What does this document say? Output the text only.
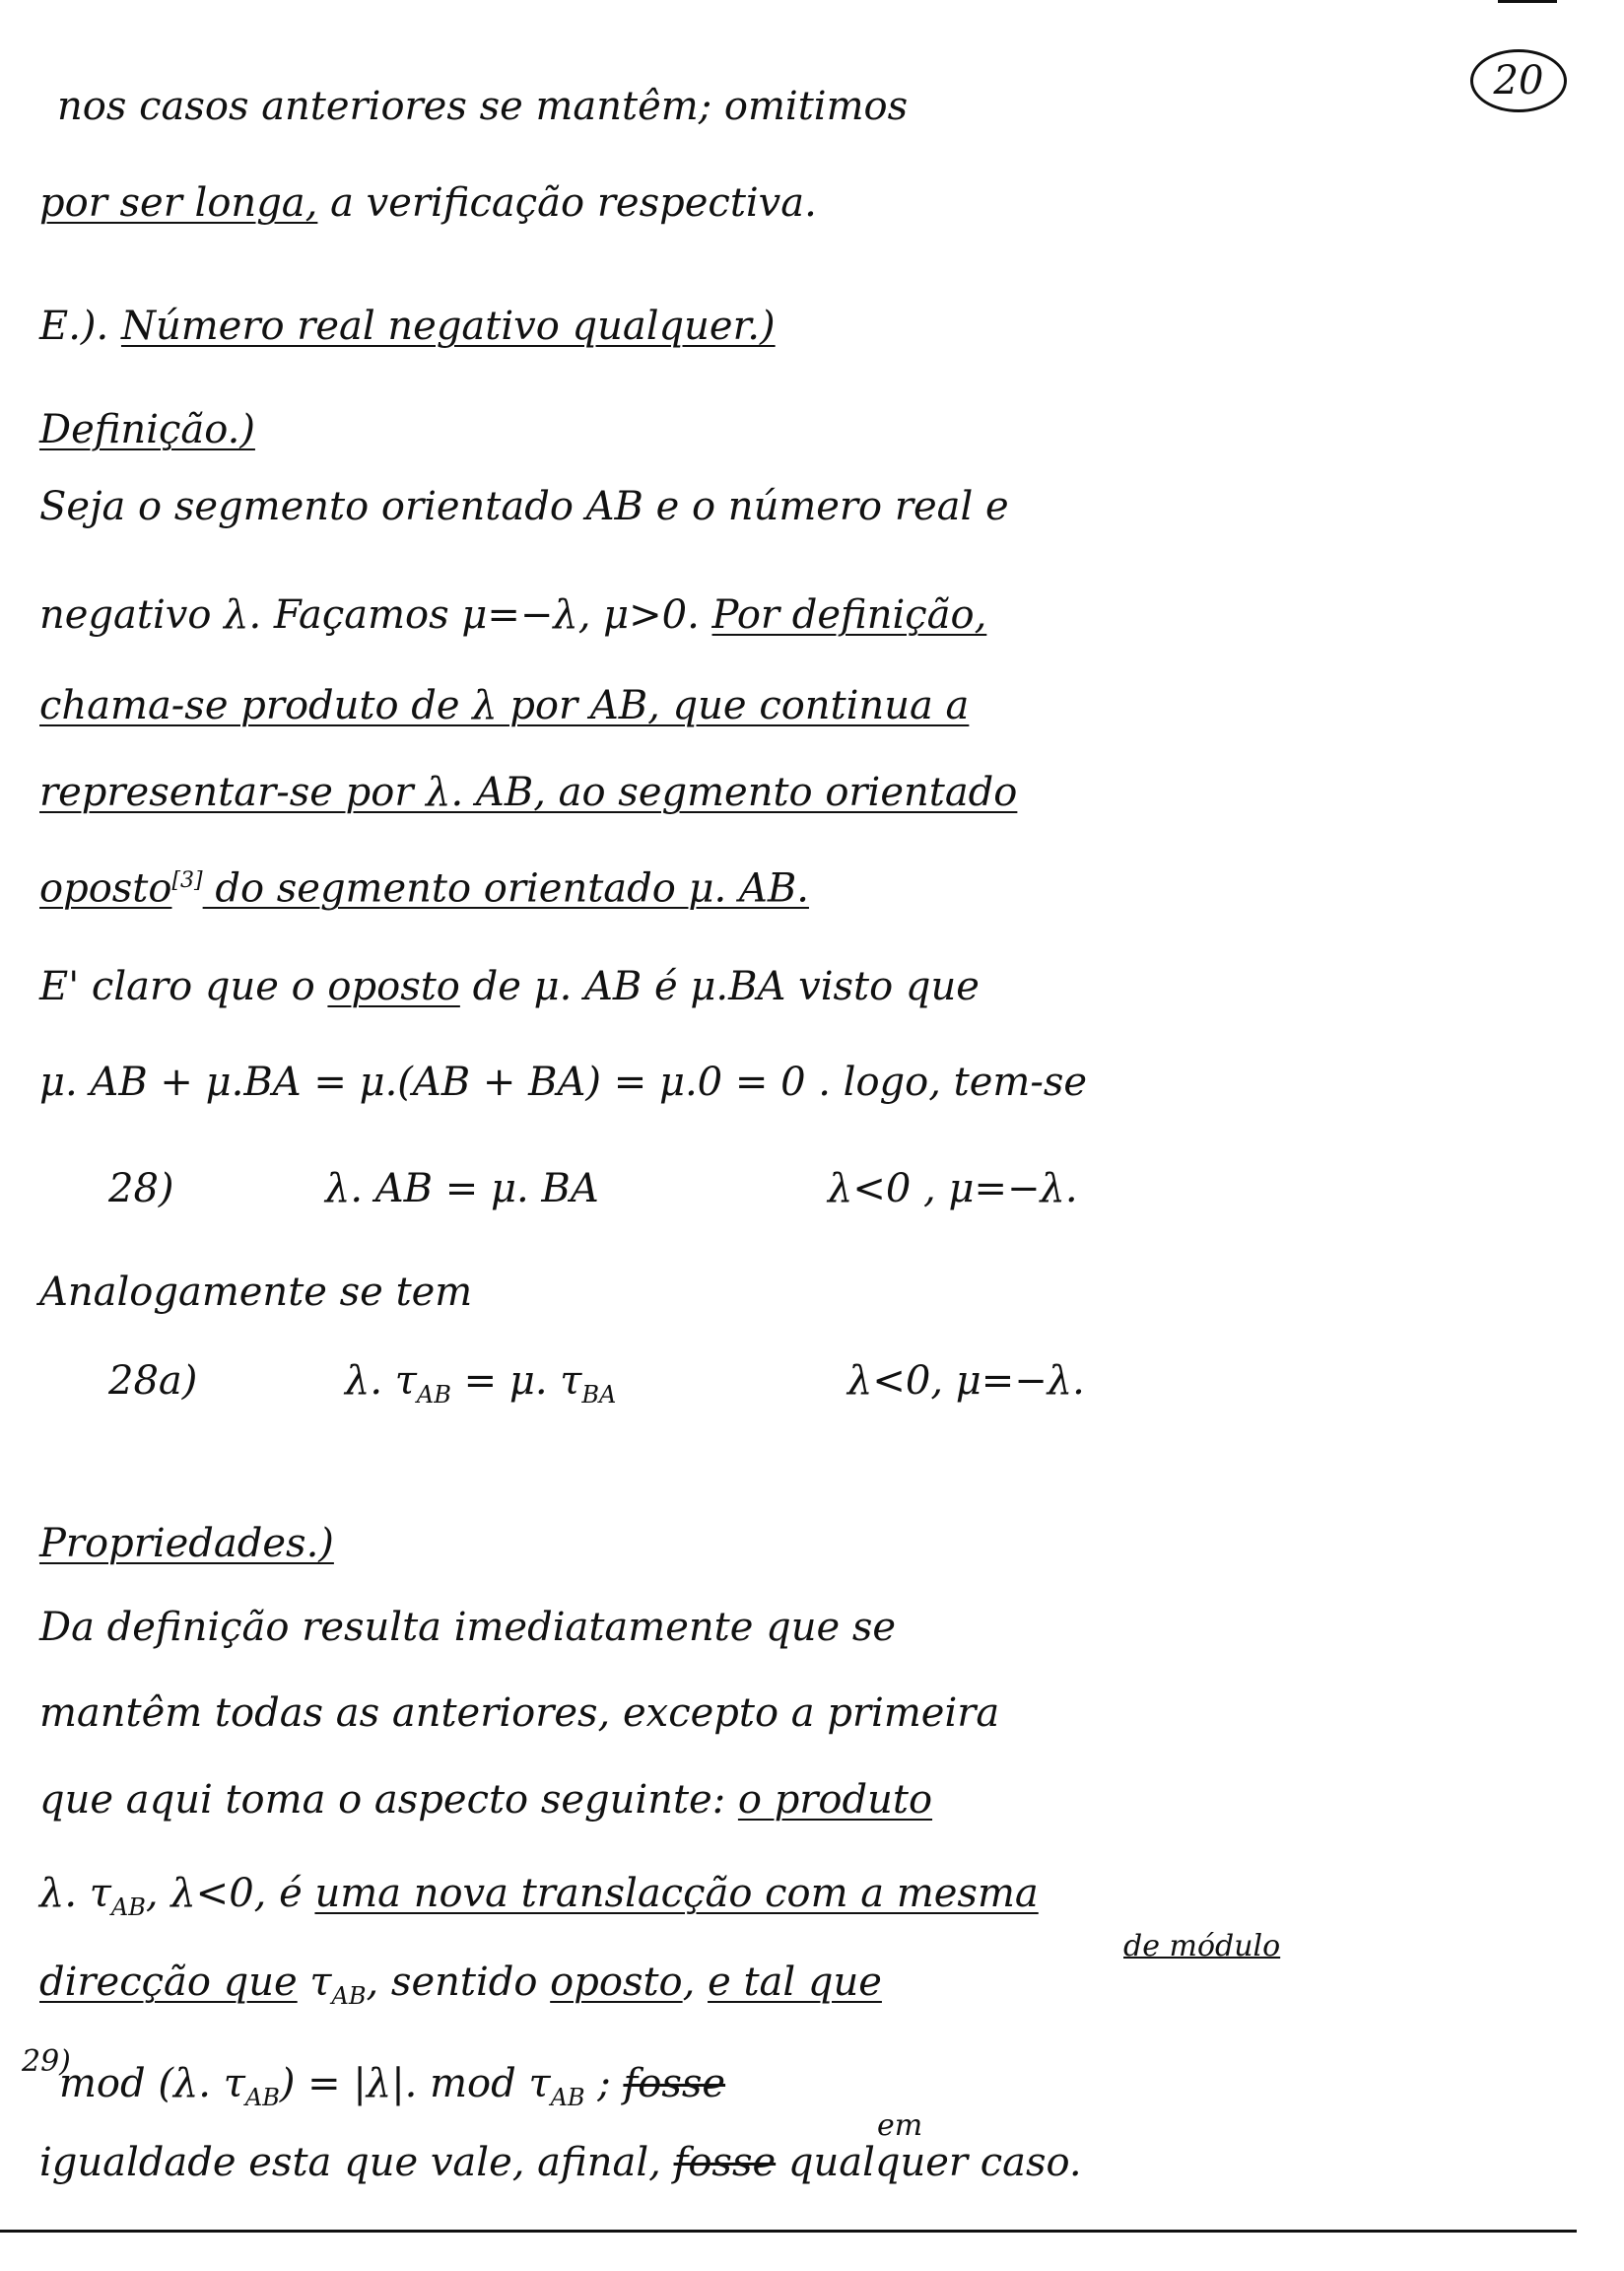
20
nos casos anteriores se mantêm; omitimos
por ser longa, a verificação respectiva.
E.). Número real negativo qualquer.)
Definição.)
Seja o segmento orientado AB e o número real e
negativo λ. Façamos μ=−λ, μ>0. Por definição,
chama-se produto de λ por AB, que continua a
representar-se por λ. AB, ao segmento orientado
oposto[3] do segmento orientado μ. AB.
E' claro que o oposto de μ. AB é μ.BA visto que
μ. AB + μ.BA = μ.(AB + BA) = μ.0 = 0 . logo, tem-se
28)	λ. AB = μ. BA	λ<0 , μ=−λ.
Analogamente se tem
28a)	λ. $\tau_{AB} = \mu$. $\tau_{BA}$	λ<0, μ=−λ.
Propriedades.)
Da definição resulta imediatamente que se
mantêm todas as anteriores, excepto a primeira
que aqui toma o aspecto seguinte: o produto
λ. $\tau_{AB}$, λ<0, é uma nova translacção com a mesma
de módulo
direcção que $\tau_{AB}$, sentido oposto, e tal que
29)
mod (λ. $\tau_{AB}) = |\lambda|$. mod $\tau_{AB}$ ; fosse
em
igualdade esta que vale, afinal, fosse qualquer caso.
